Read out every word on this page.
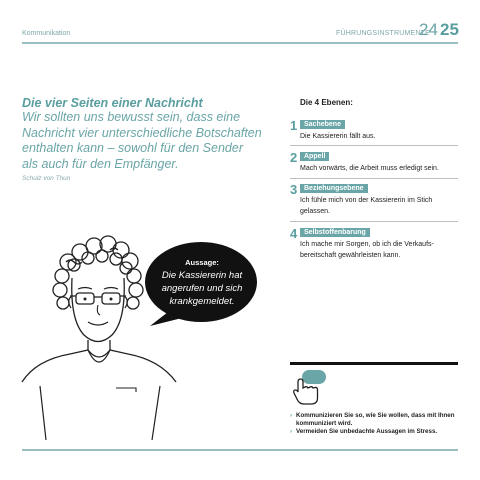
Kommunikation	FÜHRUNGSINSTRUMENTE
24 25
Die vier Seiten einer Nachricht
Wir sollten uns bewusst sein, dass eine Nachricht vier unterschiedliche Botschaften enthalten kann – sowohl für den Sender als auch für den Empfänger.
Schulz von Thun
Aussage:
Die Kassiererin hat angerufen und sich krankgemeldet.
Die 4 Ebenen:
1 Sachebene
Die Kassiererin fällt aus.
2 Appell
Mach vorwärts, die Arbeit muss erledigt sein.
3 Beziehungsebene
Ich fühle mich von der Kassiererin im Stich gelassen.
4 Selbstoffenbarung
Ich mache mir Sorgen, ob ich die Verkaufs-bereitschaft gewährleisten kann.
› Kommunizieren Sie so, wie Sie wollen, dass mit Ihnen kommuniziert wird.
› Vermeiden Sie unbedachte Aussagen im Stress.
